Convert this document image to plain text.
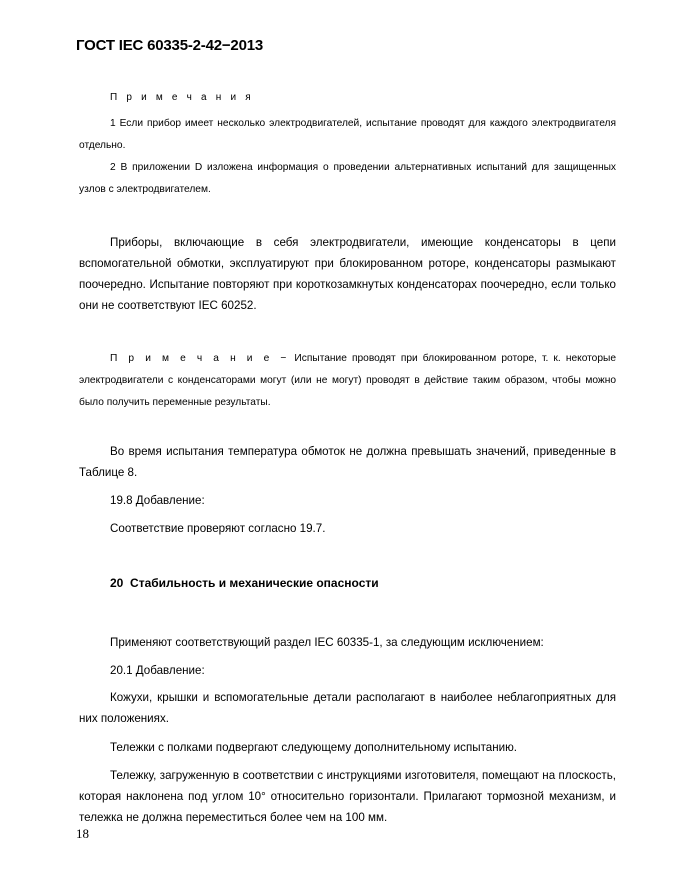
ГОСТ IEC 60335-2-42−2013
П р и м е ч а н и я
1 Если прибор имеет несколько электродвигателей, испытание проводят для каждого электродвигателя отдельно.
2 В приложении D изложена информация о проведении альтернативных испытаний для защищенных узлов с электродвигателем.
Приборы, включающие в себя электродвигатели, имеющие конденсаторы в цепи вспомогательной обмотки, эксплуатируют при блокированном роторе, конденсаторы размыкают поочередно. Испытание повторяют при короткозамкнутых конденсаторах поочередно, если только они не соответствуют IEC 60252.
П р и м е ч а н и е − Испытание проводят при блокированном роторе, т. к. некоторые электродвигатели с конденсаторами могут (или не могут) проводят в действие таким образом, чтобы можно было получить переменные результаты.
Во время испытания температура обмоток не должна превышать значений, приведенные в Таблице 8.
19.8 Добавление:
Соответствие проверяют согласно 19.7.
20 Стабильность и механические опасности
Применяют соответствующий раздел IEC 60335-1, за следующим исключением:
20.1 Добавление:
Кожухи, крышки и вспомогательные детали располагают в наиболее неблагоприятных для них положениях.
Тележки с полками подвергают следующему дополнительному испытанию.
Тележку, загруженную в соответствии с инструкциями изготовителя, помещают на плоскость, которая наклонена под углом 10° относительно горизонтали. Прилагают тормозной механизм, и тележка не должна переместиться более чем на 100 мм.
18
